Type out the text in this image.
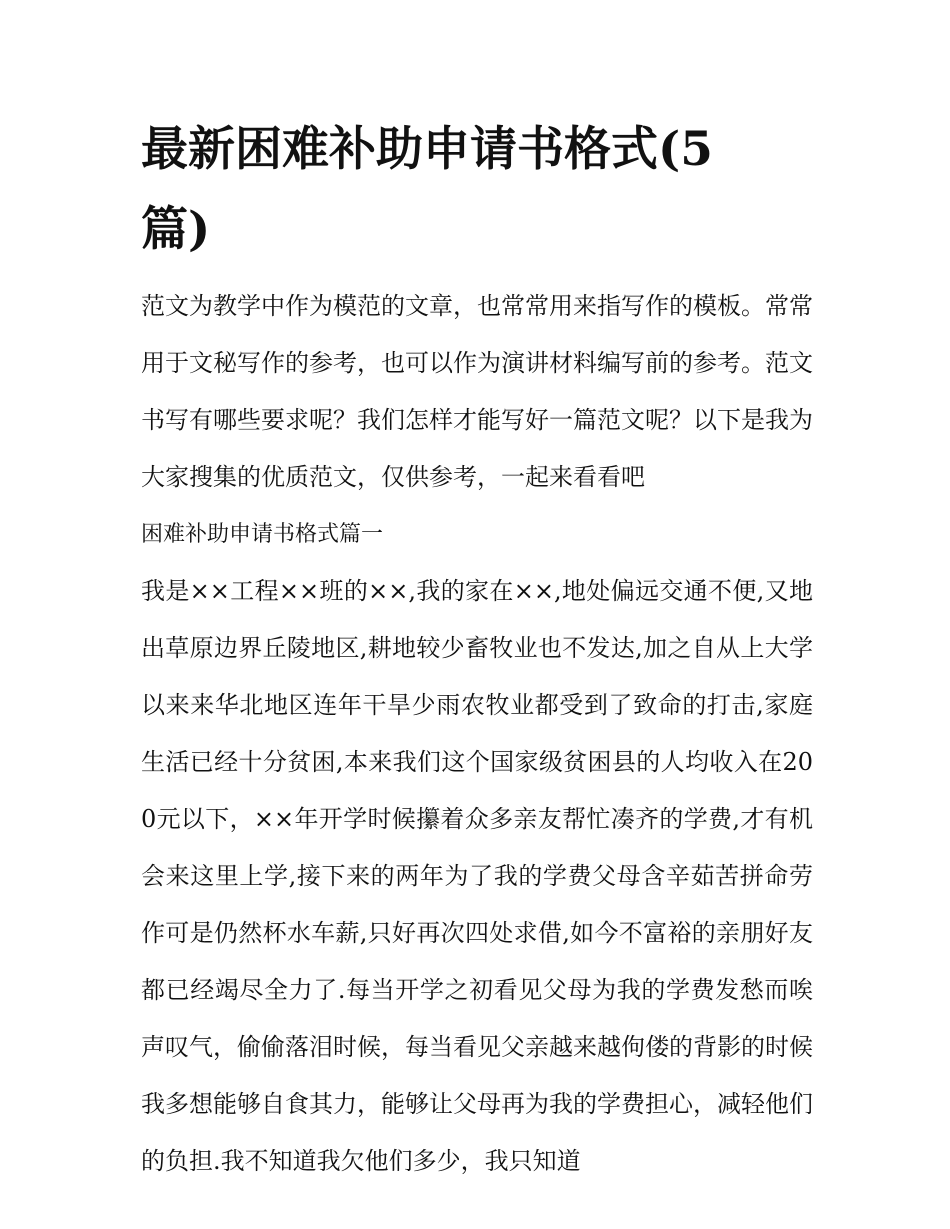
最新困难补助申请书格式(5篇)

范文为教学中作为模范的文章，也常常用来指写作的模板。常常用于文秘写作的参考，也可以作为演讲材料编写前的参考。范文书写有哪些要求呢？我们怎样才能写好一篇范文呢？以下是我为大家搜集的优质范文，仅供参考，一起来看看吧

困难补助申请书格式篇一

我是××工程××班的××,我的家在××,地处偏远交通不便,又地出草原边界丘陵地区,耕地较少畜牧业也不发达,加之自从上大学以来来华北地区连年干旱少雨农牧业都受到了致命的打击,家庭生活已经十分贫困,本来我们这个国家级贫困县的人均收入在200元以下，××年开学时候攥着众多亲友帮忙凑齐的学费,才有机会来这里上学,接下来的两年为了我的学费父母含辛茹苦拼命劳作可是仍然杯水车薪,只好再次四处求借,如今不富裕的亲朋好友都已经竭尽全力了.每当开学之初看见父母为我的学费发愁而唉声叹气，偷偷落泪时候，每当看见父亲越来越佝偻的背影的时候我多想能够自食其力，能够让父母再为我的学费担心，减轻他们的负担.我不知道我欠他们多少，我只知道
